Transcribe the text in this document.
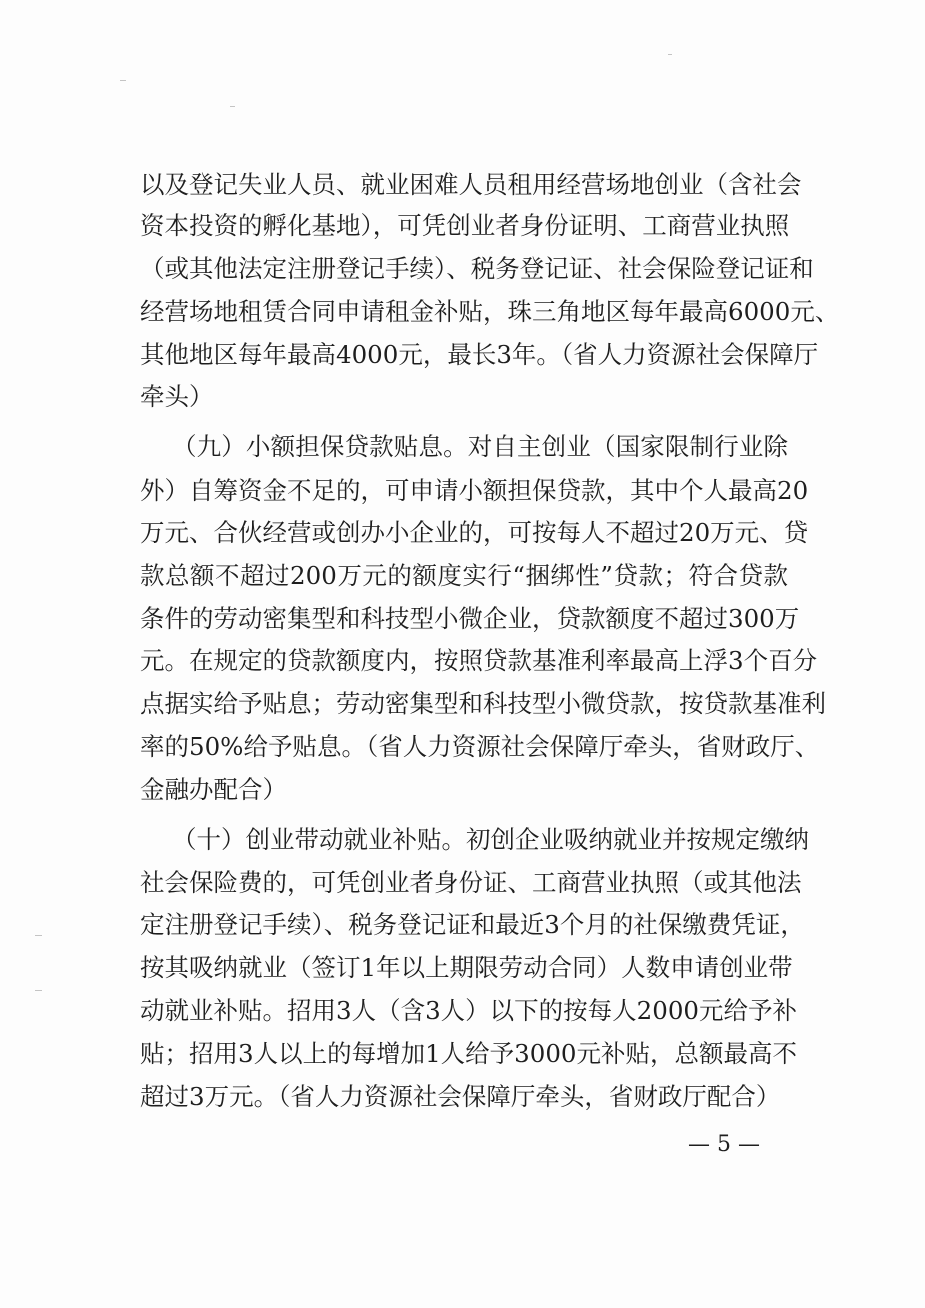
以及登记失业人员、就业困难人员租用经营场地创业（含社会
资本投资的孵化基地），可凭创业者身份证明、工商营业执照
（或其他法定注册登记手续）、税务登记证、社会保险登记证和
经营场地租赁合同申请租金补贴，珠三角地区每年最高6000元、
其他地区每年最高4000元，最长3年。（省人力资源社会保障厅
牵头）
（九）小额担保贷款贴息。对自主创业（国家限制行业除
外）自筹资金不足的，可申请小额担保贷款，其中个人最高20
万元、合伙经营或创办小企业的，可按每人不超过20万元、贷
款总额不超过200万元的额度实行“捆绑性”贷款；符合贷款
条件的劳动密集型和科技型小微企业，贷款额度不超过300万
元。在规定的贷款额度内，按照贷款基准利率最高上浮3个百分
点据实给予贴息；劳动密集型和科技型小微贷款，按贷款基准利
率的50%给予贴息。（省人力资源社会保障厅牵头，省财政厅、
金融办配合）
（十）创业带动就业补贴。初创企业吸纳就业并按规定缴纳
社会保险费的，可凭创业者身份证、工商营业执照（或其他法
定注册登记手续）、税务登记证和最近3个月的社保缴费凭证，
按其吸纳就业（签订1年以上期限劳动合同）人数申请创业带
动就业补贴。招用3人（含3人）以下的按每人2000元给予补
贴；招用3人以上的每增加1人给予3000元补贴，总额最高不
超过3万元。（省人力资源社会保障厅牵头，省财政厅配合）
— 5 —
